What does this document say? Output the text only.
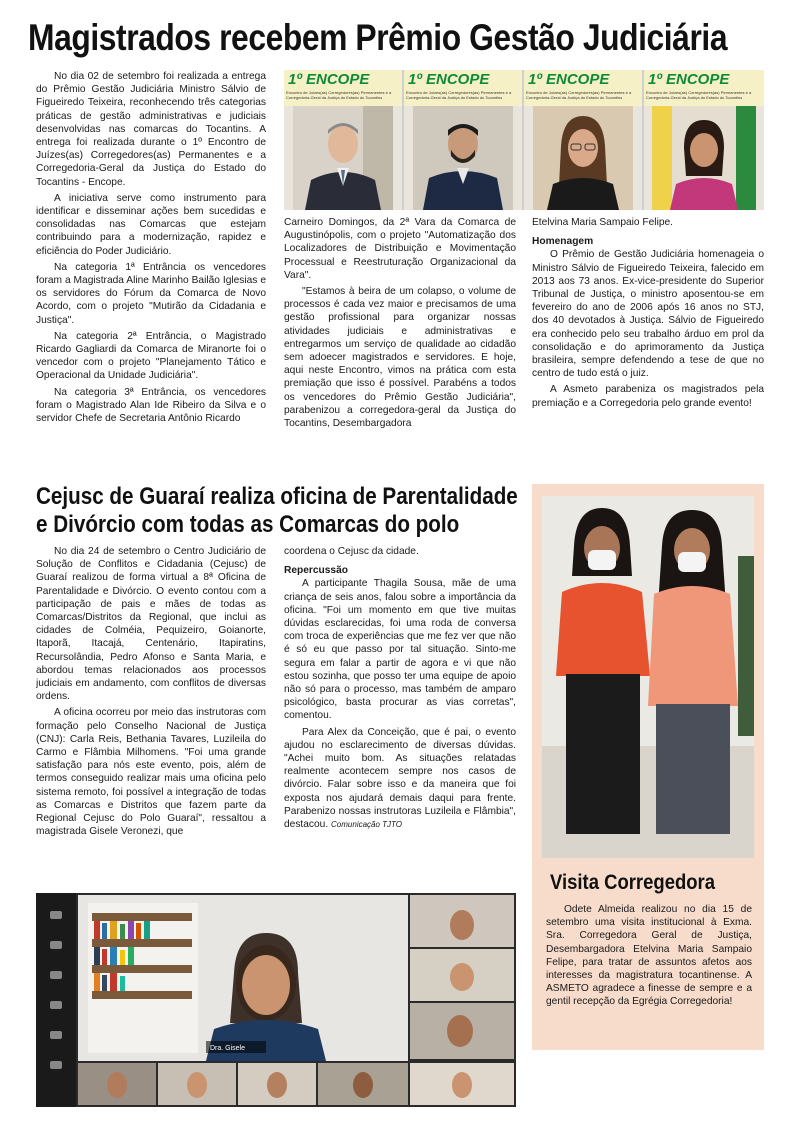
Magistrados recebem Prêmio Gestão Judiciária

No dia 02 de setembro foi realizada a entrega do Prêmio Gestão Judiciária Ministro Sálvio de Figueiredo Teixeira, reconhecendo três categorias práticas de gestão administrativas e judiciais desenvolvidas nas comarcas do Tocantins. A entrega foi realizada durante o 1º Encontro de Juízes(as) Corregedores(as) Permanentes e a Corregedoria-Geral da Justiça do Estado do Tocantins - Encope.

A iniciativa serve como instrumento para identificar e disseminar ações bem sucedidas e consolidadas nas Comarcas que estejam contribuindo para a modernização, rapidez e eficiência do Poder Judiciário.

Na categoria 1ª Entrância os vencedores foram a Magistrada Aline Marinho Bailão Iglesias e os servidores do Fórum da Comarca de Novo Acordo, com o projeto "Mutirão da Cidadania e Justiça".

Na categoria 2ª Entrância, o Magistrado Ricardo Gagliardi da Comarca de Miranorte foi o vencedor com o projeto "Planejamento Tático e Operacional da Unidade Judiciária".

Na categoria 3ª Entrância, os vencedores foram o Magistrado Alan Ide Ribeiro da Silva e o servidor Chefe de Secretaria Antônio Ricardo

1º ENCOPE
Encontro de Juízes(as) Corregedores(as) Permanentes e a Corregedoria-Geral da Justiça do Estado do Tocantins
1º ENCOPE
Encontro de Juízes(as) Corregedores(as) Permanentes e a Corregedoria-Geral da Justiça do Estado do Tocantins
1º ENCOPE
Encontro de Juízes(as) Corregedores(as) Permanentes e a Corregedoria-Geral da Justiça do Estado do Tocantins
1º ENCOPE
Encontro de Juízes(as) Corregedores(as) Permanentes e a Corregedoria-Geral da Justiça do Estado do Tocantins

Carneiro Domingos, da 2ª Vara da Comarca de Augustinópolis, com o projeto "Automatização dos Localizadores de Distribuição e Movimentação Processual e Reestruturação Organizacional da Vara".

"Estamos à beira de um colapso, o volume de processos é cada vez maior e precisamos de uma gestão profissional para organizar nossas atividades judiciais e administrativas e entregarmos um serviço de qualidade ao cidadão sem adoecer magistrados e servidores. E hoje, aqui neste Encontro, vimos na prática com esta premiação que isso é possível. Parabéns a todos os vencedores do Prêmio Gestão Judiciária", parabenizou a corregedora-geral da Justiça do Tocantins, Desembargadora

Etelvina Maria Sampaio Felipe.

Homenagem

O Prêmio de Gestão Judiciária homenageia o Ministro Sálvio de Figueiredo Teixeira, falecido em 2013 aos 73 anos. Ex-vice-presidente do Superior Tribunal de Justiça, o ministro aposentou-se em fevereiro do ano de 2006 após 16 anos no STJ, dos 40 devotados à Justiça. Sálvio de Figueiredo era conhecido pelo seu trabalho árduo em prol da consolidação e do aprimoramento da Justiça brasileira, sempre defendendo a tese de que no centro de tudo está o juiz.

A Asmeto parabeniza os magistrados pela premiação e a Corregedoria pelo grande evento!

Cejusc de Guaraí realiza oficina de Parentalidade
e Divórcio com todas as Comarcas do polo

No dia 24 de setembro o Centro Judiciário de Solução de Conflitos e Cidadania (Cejusc) de Guaraí realizou de forma virtual a 8ª Oficina de Parentalidade e Divórcio. O evento contou com a participação de pais e mães de todas as Comarcas/Distritos da Regional, que inclui as cidades de Colméia, Pequizeiro, Goianorte, Itaporã, Itacajá, Centenário, Itapiratins, Recursolândia, Pedro Afonso e Santa Maria, e abordou temas relacionados aos processos judiciais em andamento, com conflitos de diversas ordens.

A oficina ocorreu por meio das instrutoras com formação pelo Conselho Nacional de Justiça (CNJ): Carla Reis, Bethania Tavares, Luzileila do Carmo e Flâmbia Milhomens. "Foi uma grande satisfação para nós este evento, pois, além de termos conseguido realizar mais uma oficina pelo sistema remoto, foi possível a integração de todas as Comarcas e Distritos que fazem parte da Regional Cejusc do Polo Guaraí", ressaltou a magistrada Gisele Veronezi, que

coordena o Cejusc da cidade.

Repercussão

A participante Thagila Sousa, mãe de uma criança de seis anos, falou sobre a importância da oficina. "Foi um momento em que tive muitas dúvidas esclarecidas, foi uma roda de conversa com troca de experiências que me fez ver que não é só eu que passo por tal situação. Sinto-me segura em falar a partir de agora e vi que não estou sozinha, que posso ter uma equipe de apoio não só para o processo, mas também de amparo psicológico, basta procurar as vias corretas", comentou.

Para Alex da Conceição, que é pai, o evento ajudou no esclarecimento de diversas dúvidas. "Achei muito bom. As situações relatadas realmente acontecem sempre nos casos de divórcio. Falar sobre isso e da maneira que foi exposta nos ajudará demais daqui para frente. Parabenizo nossas instrutoras Luzileila e Flâmbia", destacou. Comunicação TJTO

Dra. Gisele
Visita Corregedora

Odete Almeida realizou no dia 15 de setembro uma visita institucional à Exma. Sra. Corregedora Geral de Justiça, Desembargadora Etelvina Maria Sampaio Felipe, para tratar de assuntos afetos aos interesses da magistratura tocantinense. A ASMETO agradece a finesse de sempre e a gentil recepção da Egrégia Corregedoria!
